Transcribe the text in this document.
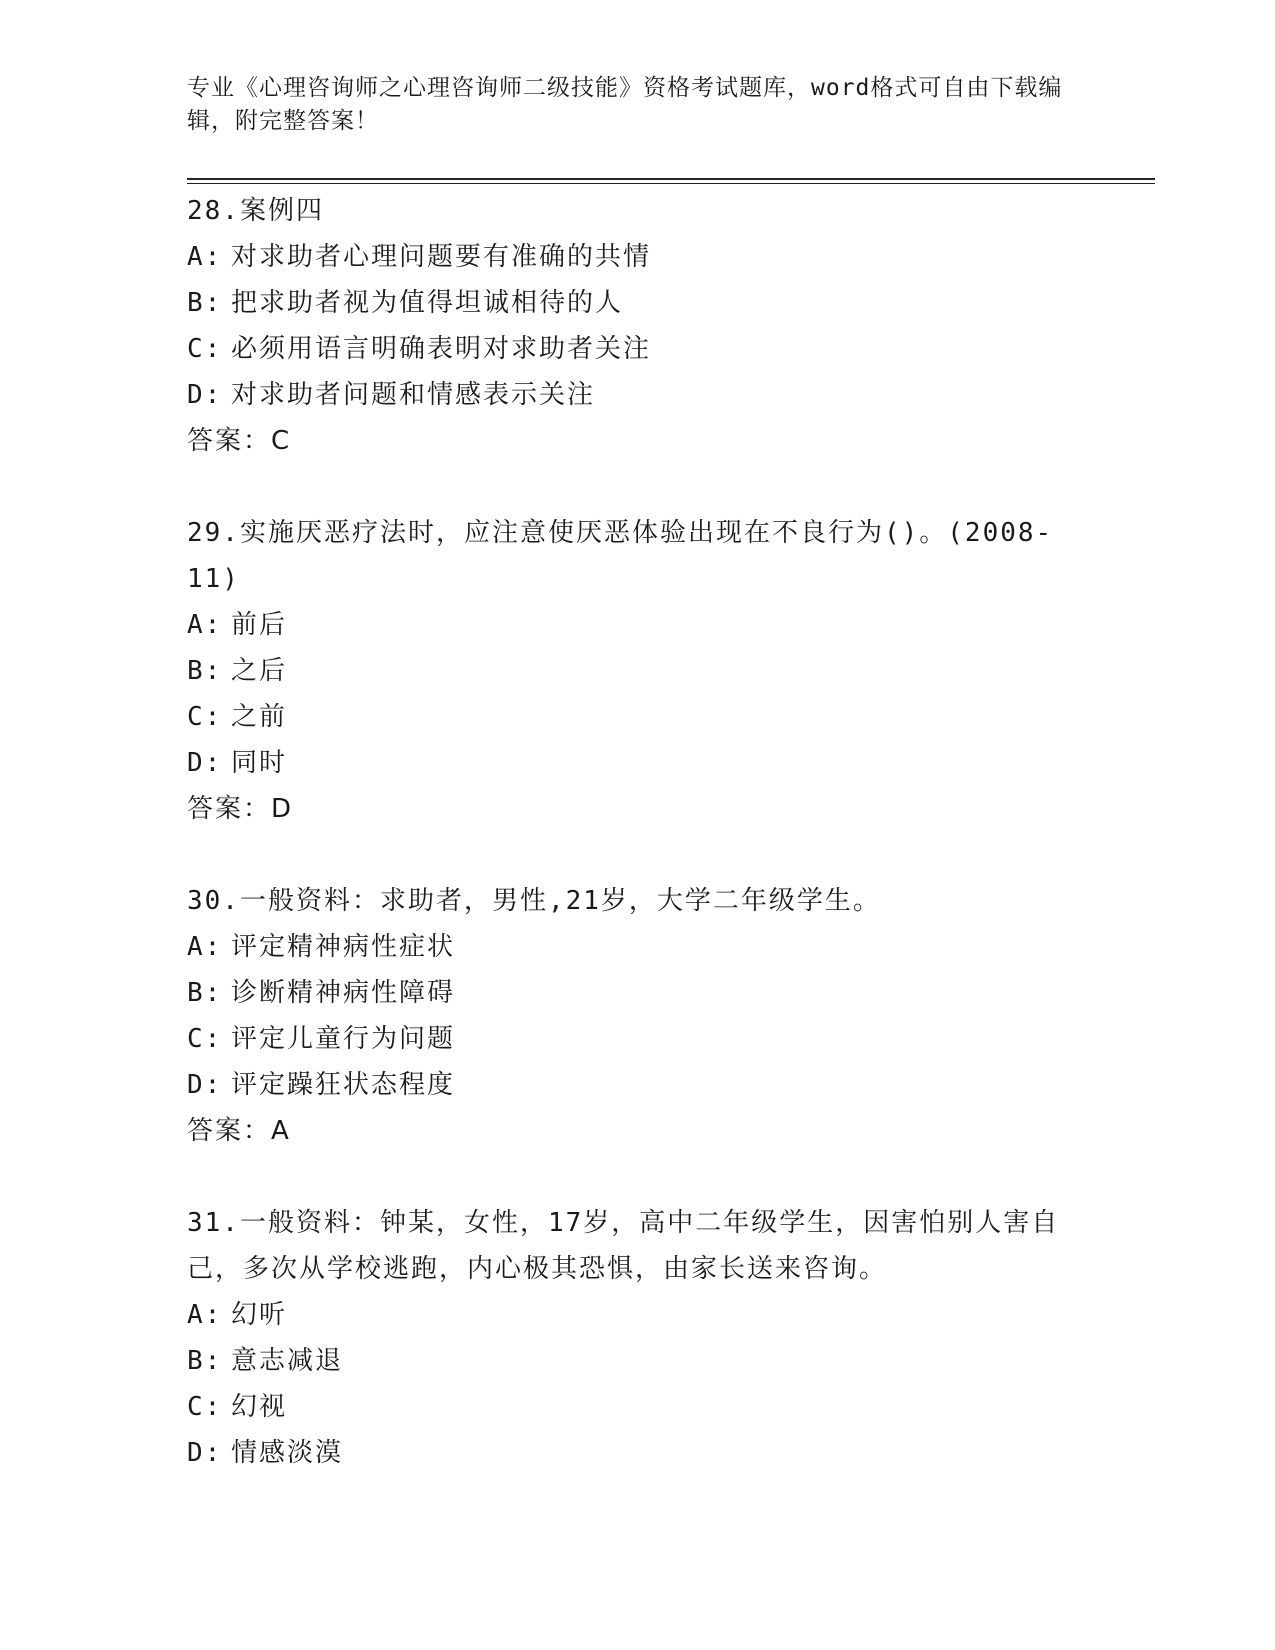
专业《心理咨询师之心理咨询师二级技能》资格考试题库，word格式可自由下载编辑，附完整答案！

28.案例四

A: 对求助者心理问题要有准确的共情

B: 把求助者视为值得坦诚相待的人

C: 必须用语言明确表明对求助者关注

D: 对求助者问题和情感表示关注

答案：C

29.实施厌恶疗法时，应注意使厌恶体验出现在不良行为()。(2008-11)

A: 前后

B: 之后

C: 之前

D: 同时

答案：D

30.一般资料：求助者，男性,21岁，大学二年级学生。

A: 评定精神病性症状

B: 诊断精神病性障碍

C: 评定儿童行为问题

D: 评定躁狂状态程度

答案：A

31.一般资料：钟某，女性，17岁，高中二年级学生，因害怕别人害自己，多次从学校逃跑，内心极其恐惧，由家长送来咨询。

A: 幻听

B: 意志减退

C: 幻视

D: 情感淡漠
